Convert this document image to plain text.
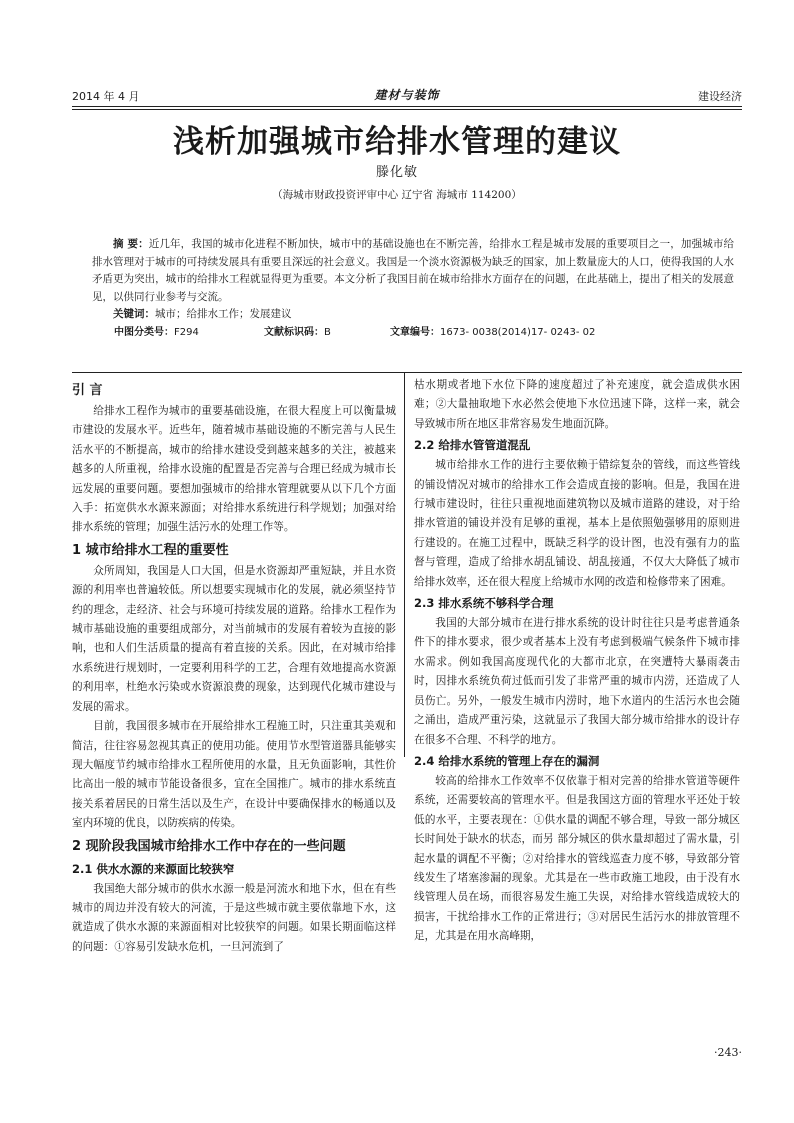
2014 年 4 月	建材与装饰	建设经济
浅析加强城市给排水管理的建议
滕化敏
（海城市财政投资评审中心 辽宁省 海城市 114200）

摘 要：近几年，我国的城市化进程不断加快，城市中的基础设施也在不断完善，给排水工程是城市发展的重要项目之一，加强城市给排水管理对于城市的可持续发展具有重要且深远的社会意义。我国是一个淡水资源极为缺乏的国家，加上数量庞大的人口，使得我国的人水矛盾更为突出，城市的给排水工程就显得更为重要。本文分析了我国目前在城市给排水方面存在的问题，在此基础上，提出了相关的发展意见，以供同行业参考与交流。

关键词：城市；给排水工作；发展建议

中图分类号：F294	文献标识码：B	文章编号：1673- 0038(2014)17- 0243- 02
引 言

给排水工程作为城市的重要基础设施，在很大程度上可以衡量城市建设的发展水平。近些年，随着城市基础设施的不断完善与人民生活水平的不断提高，城市的给排水建设受到越来越多的关注，被越来越多的人所重视，给排水设施的配置是否完善与合理已经成为城市长远发展的重要问题。要想加强城市的给排水管理就要从以下几个方面入手：拓宽供水水源来源面；对给排水系统进行科学规划；加强对给排水系统的管理；加强生活污水的处理工作等。

1 城市给排水工程的重要性

众所周知，我国是人口大国，但是水资源却严重短缺，并且水资源的利用率也普遍较低。所以想要实现城市化的发展，就必须坚持节约的理念，走经济、社会与环境可持续发展的道路。给排水工程作为城市基础设施的重要组成部分，对当前城市的发展有着较为直接的影响，也和人们生活质量的提高有着直接的关系。因此，在对城市给排水系统进行规划时，一定要利用科学的工艺，合理有效地提高水资源的利用率，杜绝水污染或水资源浪费的现象，达到现代化城市建设与发展的需求。

目前，我国很多城市在开展给排水工程施工时，只注重其美观和简洁，往往容易忽视其真正的使用功能。使用节水型管道器具能够实现大幅度节约城市给排水工程所使用的水量，且无负面影响，其性价比高出一般的城市节能设备很多，宜在全国推广。城市的排水系统直接关系着居民的日常生活以及生产，在设计中要确保排水的畅通以及室内环境的优良，以防疾病的传染。

2 现阶段我国城市给排水工作中存在的一些问题
2.1 供水水源的来源面比较狭窄

我国绝大部分城市的供水水源一般是河流水和地下水，但在有些城市的周边并没有较大的河流，于是这些城市就主要依靠地下水，这就造成了供水水源的来源面相对比较狭窄的问题。如果长期面临这样的问题：①容易引发缺水危机，一旦河流到了

枯水期或者地下水位下降的速度超过了补充速度，就会造成供水困难；②大量抽取地下水必然会使地下水位迅速下降，这样一来，就会导致城市所在地区非常容易发生地面沉降。

2.2 给排水管管道混乱

城市给排水工作的进行主要依赖于错综复杂的管线，而这些管线的铺设情况对城市的给排水工作会造成直接的影响。但是，我国在进行城市建设时，往往只重视地面建筑物以及城市道路的建设，对于给排水管道的铺设并没有足够的重视，基本上是依照勉强够用的原则进行建设的。在施工过程中，既缺乏科学的设计图，也没有强有力的监督与管理，造成了给排水胡乱铺设、胡乱接通，不仅大大降低了城市给排水效率，还在很大程度上给城市水网的改造和检修带来了困难。

2.3 排水系统不够科学合理

我国的大部分城市在进行排水系统的设计时往往只是考虑普通条件下的排水要求，很少或者基本上没有考虑到极端气候条件下城市排水需求。例如我国高度现代化的大都市北京，在突遭特大暴雨袭击时，因排水系统负荷过低而引发了非常严重的城市内涝，还造成了人员伤亡。另外，一般发生城市内涝时，地下水道内的生活污水也会随之涌出，造成严重污染，这就显示了我国大部分城市给排水的设计存在很多不合理、不科学的地方。

2.4 给排水系统的管理上存在的漏洞

较高的给排水工作效率不仅依靠于相对完善的给排水管道等硬件系统，还需要较高的管理水平。但是我国这方面的管理水平还处于较低的水平，主要表现在：①供水量的调配不够合理，导致一部分城区长时间处于缺水的状态，而另 部分城区的供水量却超过了需水量，引起水量的调配不平衡；②对给排水的管线巡查力度不够，导致部分管线发生了堵塞渗漏的现象。尤其是在一些市政施工地段，由于没有水线管理人员在场，而很容易发生施工失误，对给排水管线造成较大的损害，干扰给排水工作的正常进行；③对居民生活污水的排放管理不足，尤其是在用水高峰期，

·243·
